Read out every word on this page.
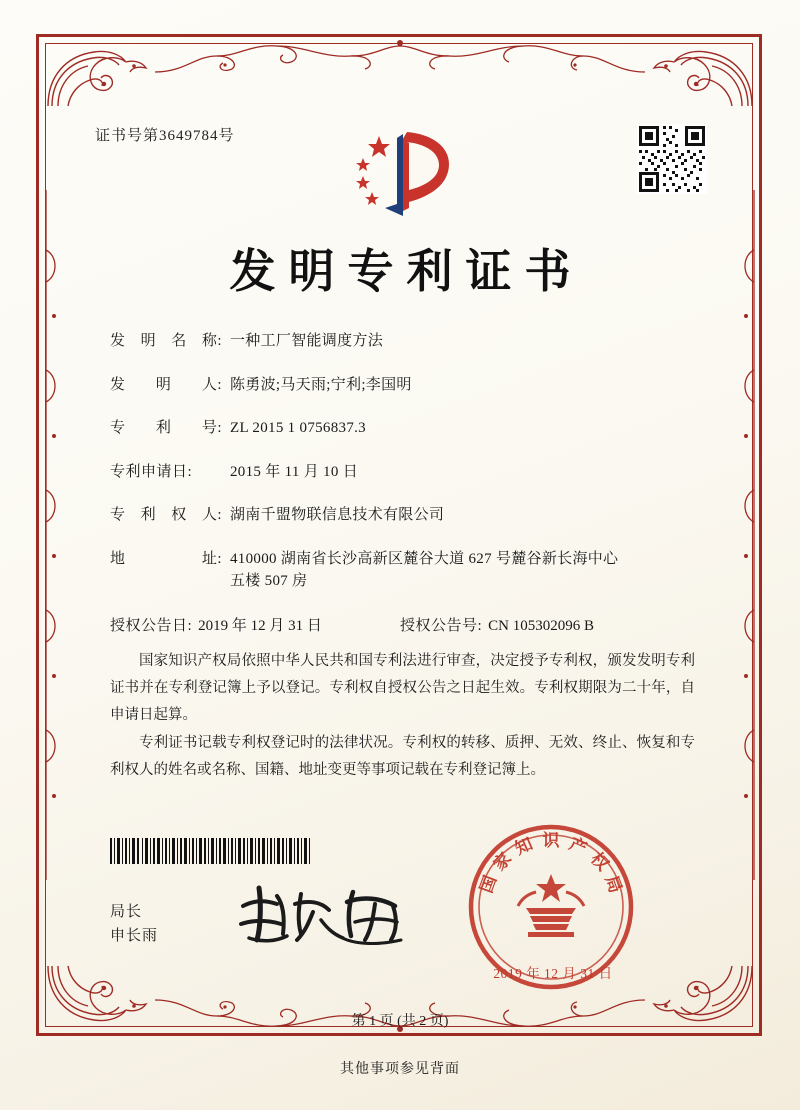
证书号第3649784号
发明专利证书
发 明 名 称: 一种工厂智能调度方法
发 明 人: 陈勇波;马天雨;宁利;李国明
专 利 号: ZL 2015 1 0756837.3
专利申请日:	2015 年 11 月 10 日
专 利 权 人: 湖南千盟物联信息技术有限公司
地	址: 410000 湖南省长沙高新区麓谷大道 627 号麓谷新长海中心
五楼 507 房
授权公告日: 2019 年 12 月 31 日	授权公告号: CN 105302096 B

国家知识产权局依照中华人民共和国专利法进行审查，决定授予专利权，颁发发明专利证书并在专利登记簿上予以登记。专利权自授权公告之日起生效。专利权期限为二十年，自申请日起算。

专利证书记载专利权登记时的法律状况。专利权的转移、质押、无效、终止、恢复和专利权人的姓名或名称、国籍、地址变更等事项记载在专利登记簿上。

局长
申长雨
国
家
知 识 产
权
局
2019 年 12 月 31 日
第 1 页 (共 2 页)
其他事项参见背面
